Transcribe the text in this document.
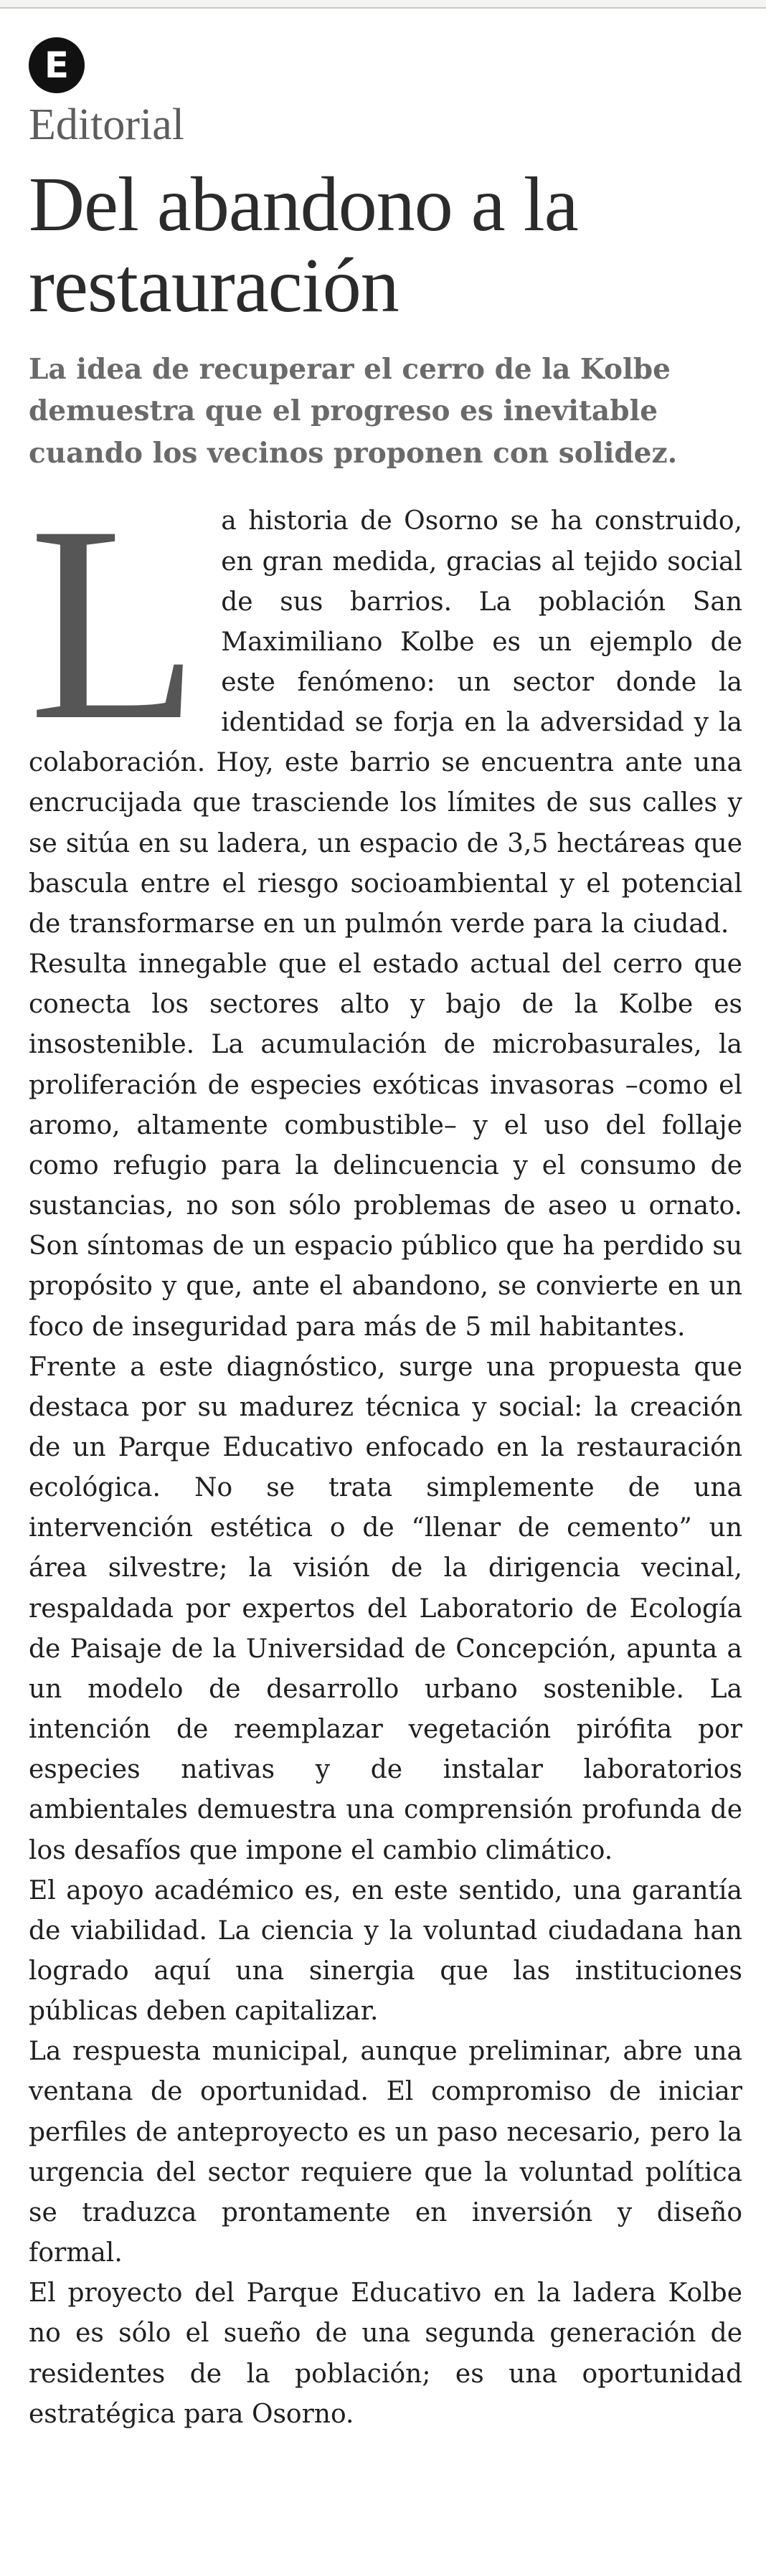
E
Editorial
Del abandono a la restauración
La idea de recuperar el cerro de la Kolbe demuestra que el progreso es inevitable cuando los vecinos proponen con solidez.

La historia de Osorno se ha construido, en gran medida, gracias al tejido social de sus barrios. La población San Maximiliano Kolbe es un ejemplo de este fenómeno: un sector donde la identidad se forja en la adversidad y la colaboración. Hoy, este barrio se encuentra ante una encrucijada que trasciende los límites de sus calles y se sitúa en su ladera, un espacio de 3,5 hectáreas que bascula entre el riesgo socioambiental y el potencial de transformarse en un pulmón verde para la ciudad.

Resulta innegable que el estado actual del cerro que conecta los sectores alto y bajo de la Kolbe es insostenible. La acumulación de microbasurales, la proliferación de especies exóticas invasoras –como el aromo, altamente combustible– y el uso del follaje como refugio para la delincuencia y el consumo de sustancias, no son sólo problemas de aseo u ornato. Son síntomas de un espacio público que ha perdido su propósito y que, ante el abandono, se convierte en un foco de inseguridad para más de 5 mil habitantes.

Frente a este diagnóstico, surge una propuesta que destaca por su madurez técnica y social: la creación de un Parque Educativo enfocado en la restauración ecológica. No se trata simplemente de una intervención estética o de “llenar de cemento” un área silvestre; la visión de la dirigencia vecinal, respaldada por expertos del Laboratorio de Ecología de Paisaje de la Universidad de Concepción, apunta a un modelo de desarrollo urbano sostenible. La intención de reemplazar vegetación pirófita por especies nativas y de instalar laboratorios ambientales demuestra una comprensión profunda de los desafíos que impone el cambio climático.

El apoyo académico es, en este sentido, una garantía de viabilidad. La ciencia y la voluntad ciudadana han logrado aquí una sinergia que las instituciones públicas deben capitalizar.

La respuesta municipal, aunque preliminar, abre una ventana de oportunidad. El compromiso de iniciar perfiles de anteproyecto es un paso necesario, pero la urgencia del sector requiere que la voluntad política se traduzca prontamente en inversión y diseño formal.

El proyecto del Parque Educativo en la ladera Kolbe no es sólo el sueño de una segunda generación de residentes de la población; es una oportunidad estratégica para Osorno.
